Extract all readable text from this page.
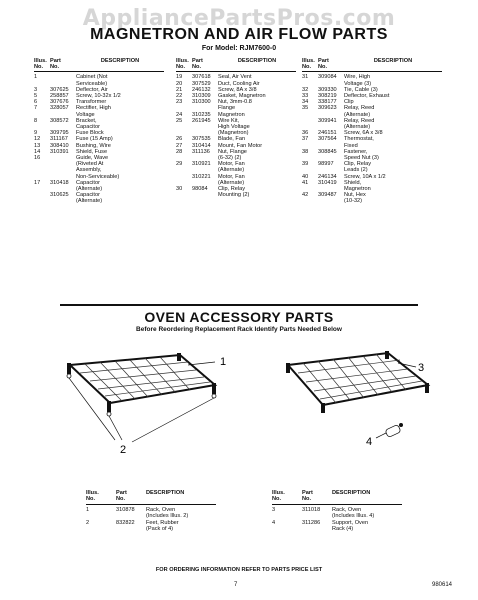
AppliancePartsPros.com
MAGNETRON AND AIR FLOW PARTS
For Model: RJM7600-0
Illus.
No.
Part
No.
DESCRIPTION
1	Cabinet (Not
Serviceable)
3	307625	Deflector, Air
5	258857	Screw, 10-32x 1/2
6	307676	Transformer
7	328057	Rectifier, High
Voltage
8	308572	Bracket,
Capacitor
9	309795	Fuse Block
12	311167	Fuse (15 Amp)
13	308410	Bushing, Wire
14	310391	Shield, Fuse
16	Guide, Wave
(Riveted At
Assembly,
Non-Serviceable)
17	310418	Capacitor
(Alternate)
310625	Capacitor
(Alternate)
Illus.
No.
Part
No.
DESCRIPTION
19	307618	Seal, Air Vent
20	307529	Duct, Cooling Air
21	246132	Screw, 8A x 3/8
22	310309	Gasket, Magnetron
23	310300	Nut, 3mm-0.8
Flange
24	310235	Magnetron
25	261945	Wire Kit,
High Voltage
(Magnetron)
26	307535	Blade, Fan
27	310414	Mount, Fan Motor
28	311136	Nut, Flange
(6-32) (2)
29	310921	Motor, Fan
(Alternate)
310221	Motor, Fan
(Alternate)
30	98084	Clip, Relay
Mounting (2)
Illus.
No.
Part
No.
DESCRIPTION
31	309084	Wire, High
Voltage (3)
32	309330	Tie, Cable (3)
33	308219	Deflector, Exhaust
34	338177	Clip
35	309623	Relay, Reed
(Alternate)
309941	Relay, Reed
(Alternate)
36	246151	Screw, 6A x 3/8
37	307564	Thermostat,
Fixed
38	308845	Fastener,
Speed Nut (3)
39	98997	Clip, Relay
Leads (2)
40	246134	Screw, 10A x 1/2
41	310419	Shield,
Magnetron
42	309487	Nut, Hex
(10-32)
OVEN ACCESSORY PARTS
Before Reordering Replacement Rack Identify Parts Needed Below
1
2
3
4
Illus.
No.
Part
No.
DESCRIPTION
1	310878	Rack, Oven
(Includes Illus. 2)
2	832822	Feet, Rubber
(Pack of 4)
Illus.
No.
Part
No.
DESCRIPTION
3	311018	Rack, Oven
(Includes Illus. 4)
4	311286	Support, Oven
Rack (4)
FOR ORDERING INFORMATION REFER TO PARTS PRICE LIST
7	980614
